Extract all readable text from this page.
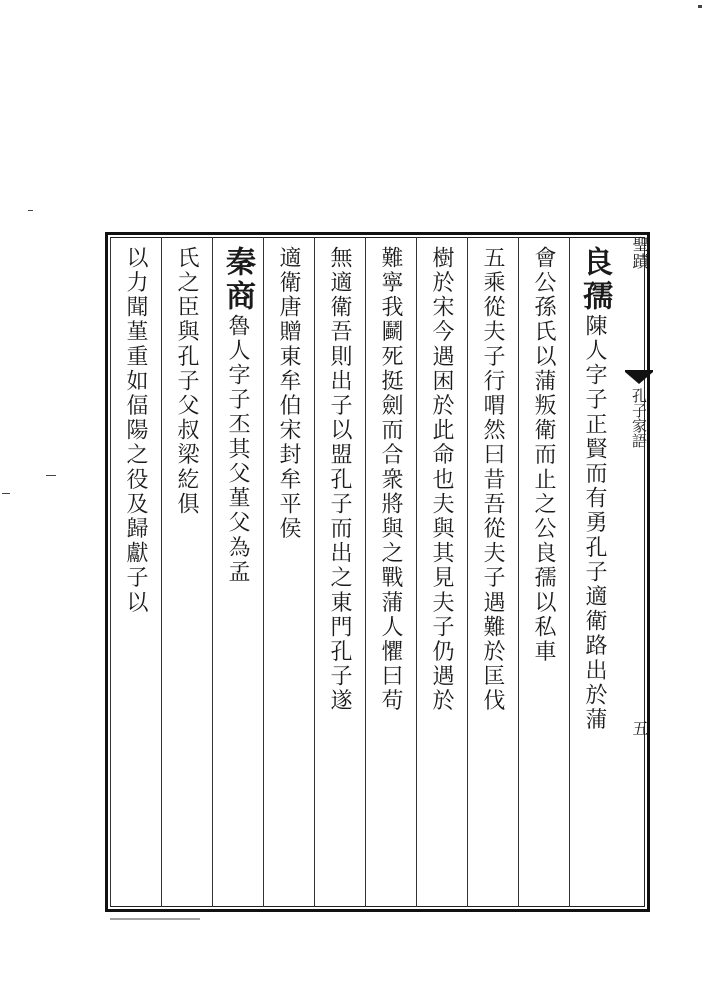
聖蹟
孔子家語
五
良孺陳人字子正賢而有勇孔子適衛路出於蒲
會公孫氏以蒲叛衛而止之公良孺以私車
五乘從夫子行喟然曰昔吾從夫子遇難於匡伐
樹於宋今遇困於此命也夫與其見夫子仍遇於
難寧我鬬死挺劍而合衆將與之戰蒲人懼曰苟
無適衛吾則出子以盟孔子而出之東門孔子遂
適衛唐贈東牟伯宋封牟平侯
秦商魯人字子丕其父堇父為孟
氏之臣與孔子父叔梁紇俱
以力聞堇重如偪陽之役及歸獻子以
